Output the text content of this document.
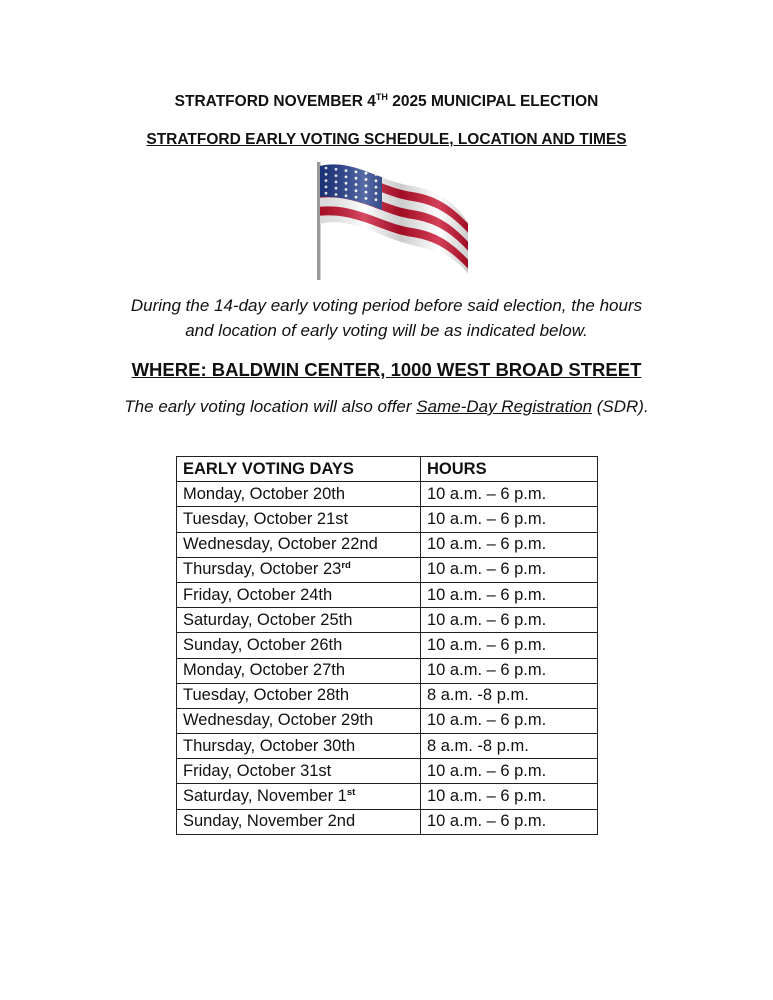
STRATFORD NOVEMBER 4TH 2025 MUNICIPAL ELECTION
STRATFORD EARLY VOTING SCHEDULE, LOCATION AND TIMES
During the 14-day early voting period before said election, the hours
and location of early voting will be as indicated below.
WHERE: BALDWIN CENTER, 1000 WEST BROAD STREET
The early voting location will also offer Same-Day Registration (SDR).
EARLY VOTING DAYS	HOURS
Monday, October 20th	10 a.m. – 6 p.m.
Tuesday, October 21st	10 a.m. – 6 p.m.
Wednesday, October 22nd	10 a.m. – 6 p.m.
Thursday, October 23rd	10 a.m. – 6 p.m.
Friday, October 24th	10 a.m. – 6 p.m.
Saturday, October 25th	10 a.m. – 6 p.m.
Sunday, October 26th	10 a.m. – 6 p.m.
Monday, October 27th	10 a.m. – 6 p.m.
Tuesday, October 28th	8 a.m. -8 p.m.
Wednesday, October 29th	10 a.m. – 6 p.m.
Thursday, October 30th	8 a.m. -8 p.m.
Friday, October 31st	10 a.m. – 6 p.m.
Saturday, November 1st	10 a.m. – 6 p.m.
Sunday, November 2nd	10 a.m. – 6 p.m.
